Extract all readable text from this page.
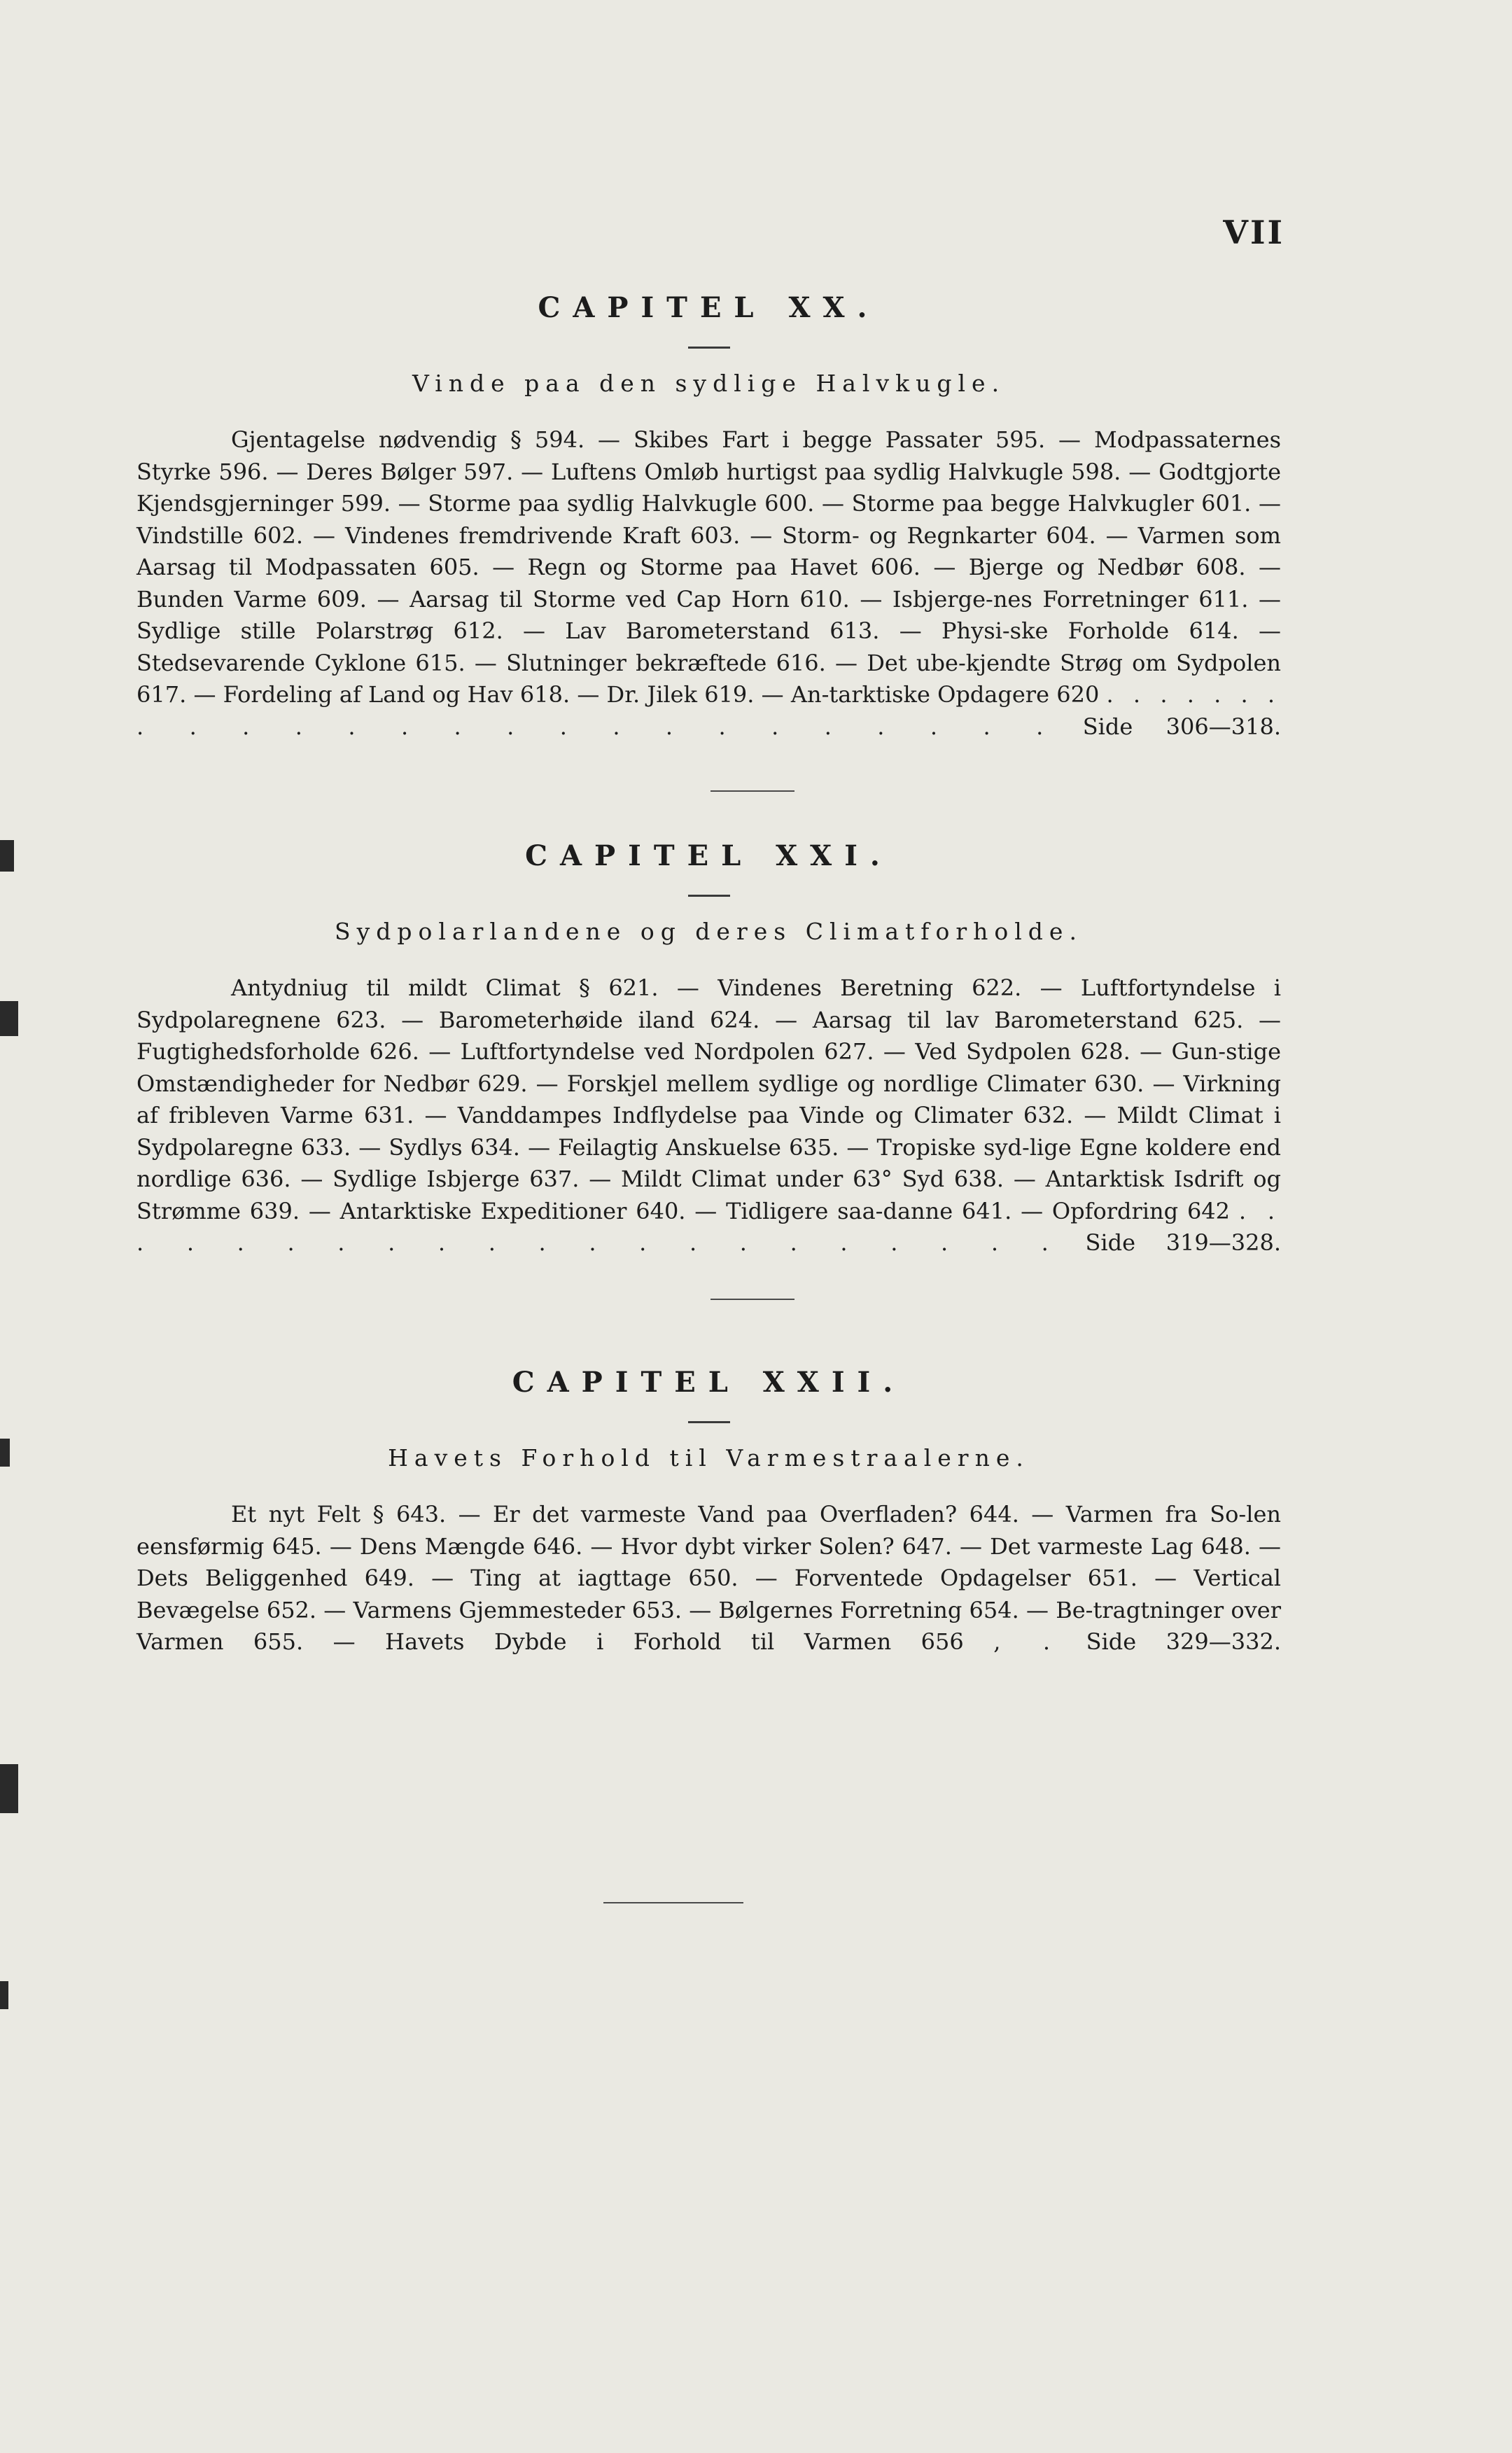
VII
CAPITEL XX.

Vinde paa den sydlige Halvkugle.

Gjentagelse nødvendig § 594. — Skibes Fart i begge Passater 595. — Modpassaternes Styrke 596. — Deres Bølger 597. — Luftens Omløb hurtigst paa sydlig Halvkugle 598. — Godtgjorte Kjendsgjerninger 599. — Storme paa sydlig Halvkugle 600. — Storme paa begge Halvkugler 601. — Vindstille 602. — Vindenes fremdrivende Kraft 603. — Storm- og Regnkarter 604. — Varmen som Aarsag til Modpassaten 605. — Regn og Storme paa Havet 606. — Bjerge og Nedbør 608. — Bunden Varme 609. — Aarsag til Storme ved Cap Horn 610. — Isbjerge-nes Forretninger 611. — Sydlige stille Polarstrøg 612. — Lav Barometerstand 613. — Physi-ske Forholde 614. — Stedsevarende Cyklone 615. — Slutninger bekræftede 616. — Det ube-kjendte Strøg om Sydpolen 617. — Fordeling af Land og Hav 618. — Dr. Jilek 619. — An-tarktiske Opdagere 620 . . . . . . . . . . . . . . . . . . . . . . . . . Side 306—318.

CAPITEL XXI.

Sydpolarlandene og deres Climatforholde.

Antydniug til mildt Climat § 621. — Vindenes Beretning 622. — Luftfortyndelse i Sydpolaregnene 623. — Barometerhøide iland 624. — Aarsag til lav Barometerstand 625. — Fugtighedsforholde 626. — Luftfortyndelse ved Nordpolen 627. — Ved Sydpolen 628. — Gun-stige Omstændigheder for Nedbør 629. — Forskjel mellem sydlige og nordlige Climater 630. — Virkning af fribleven Varme 631. — Vanddampes Indflydelse paa Vinde og Climater 632. — Mildt Climat i Sydpolaregne 633. — Sydlys 634. — Feilagtig Anskuelse 635. — Tropiske syd-lige Egne koldere end nordlige 636. — Sydlige Isbjerge 637. — Mildt Climat under 63° Syd 638. — Antarktisk Isdrift og Strømme 639. — Antarktiske Expeditioner 640. — Tidligere saa-danne 641. — Opfordring 642 . . . . . . . . . . . . . . . . . . . . . Side 319—328.

CAPITEL XXII.

Havets Forhold til Varmestraalerne.

Et nyt Felt § 643. — Er det varmeste Vand paa Overfladen? 644. — Varmen fra So-len eensførmig 645. — Dens Mængde 646. — Hvor dybt virker Solen? 647. — Det varmeste Lag 648. — Dets Beliggenhed 649. — Ting at iagttage 650. — Forventede Opdagelser 651. — Vertical Bevægelse 652. — Varmens Gjemmesteder 653. — Bølgernes Forretning 654. — Be-tragtninger over Varmen 655. — Havets Dybde i Forhold til Varmen 656 , . Side 329—332.
